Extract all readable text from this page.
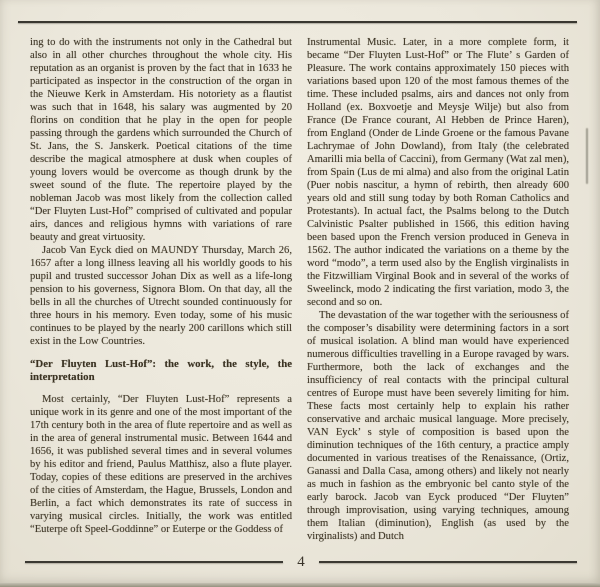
ing to do with the instruments not only in the Cathedral but also in all other churches throughout the whole city. His reputation as an organist is proven by the fact that in 1633 he participated as inspector in the construction of the organ in the Nieuwe Kerk in Amsterdam. His notoriety as a flautist was such that in 1648, his salary was augmented by 20 florins on condition that he play in the open for people passing through the gardens which surrounded the Church of St. Jans, the S. Janskerk. Poetical citations of the time describe the magical atmosphere at dusk when couples of young lovers would be overcome as though drunk by the sweet sound of the flute. The repertoire played by the nobleman Jacob was most likely from the collection called “Der Fluyten Lust-Hof” comprised of cultivated and popular airs, dances and religious hymns with variations of rare beauty and great virtuosity.

Jacob Van Eyck died on MAUNDY Thursday, March 26, 1657 after a long illness leaving all his worldly goods to his pupil and trusted successor Johan Dix as well as a life-long pension to his governess, Signora Blom. On that day, all the bells in all the churches of Utrecht sounded continuously for three hours in his memory. Even today, some of his music continues to be played by the nearly 200 carillons which still exist in the Low Countries.

“Der Fluyten Lust-Hof”: the work, the style, the interpretation

Most certainly, “Der Fluyten Lust-Hof” represents a unique work in its genre and one of the most important of the 17th century both in the area of flute repertoire and as well as in the area of general instrumental music. Between 1644 and 1656, it was published several times and in several volumes by his editor and friend, Paulus Matthisz, also a flute player. Today, copies of these editions are preserved in the archives of the cities of Amsterdam, the Hague, Brussels, London and Berlin, a fact which demonstrates its rate of success in varying musical circles. Initially, the work was entitled “Euterpe oft Speel-Goddinne” or Euterpe or the Goddess of

Instrumental Music. Later, in a more complete form, it became “Der Fluyten Lust-Hof” or The Flute’ s Garden of Pleasure. The work contains approximately 150 pieces with variations based upon 120 of the most famous themes of the time. These included psalms, airs and dances not only from Holland (ex. Boxvoetje and Meysje Wilje) but also from France (De France courant, Al Hebben de Prince Haren), from England (Onder de Linde Groene or the famous Pavane Lachrymae of John Dowland), from Italy (the celebrated Amarilli mia bella of Caccini), from Germany (Wat zal men), from Spain (Lus de mi alma) and also from the original Latin (Puer nobis nascitur, a hymn of rebirth, then already 600 years old and still sung today by both Roman Catholics and Protestants). In actual fact, the Psalms belong to the Dutch Calvinistic Psalter published in 1566, this edition having been based upon the French version produced in Geneva in 1562. The author indicated the variations on a theme by the word “modo”, a term used also by the English virginalists in the Fitzwilliam Virginal Book and in several of the works of Sweelinck, modo 2 indicating the first variation, modo 3, the second and so on.

The devastation of the war together with the seriousness of the composer’s disability were determining factors in a sort of musical isolation. A blind man would have experienced numerous difficulties travelling in a Europe ravaged by wars. Furthermore, both the lack of exchanges and the insufficiency of real contacts with the principal cultural centres of Europe must have been severely limiting for him. These facts most certainly help to explain his rather conservative and archaic musical language. More precisely, VAN Eyck’ s style of composition is based upon the diminution techniques of the 16th century, a practice amply documented in various treatises of the Renaissance, (Ortiz, Ganassi and Dalla Casa, among others) and likely not nearly as much in fashion as the embryonic bel canto style of the early barock. Jacob van Eyck produced “Der Fluyten” through improvisation, using varying techniques, amoung them Italian (diminution), English (as used by the virginalists) and Dutch

4
